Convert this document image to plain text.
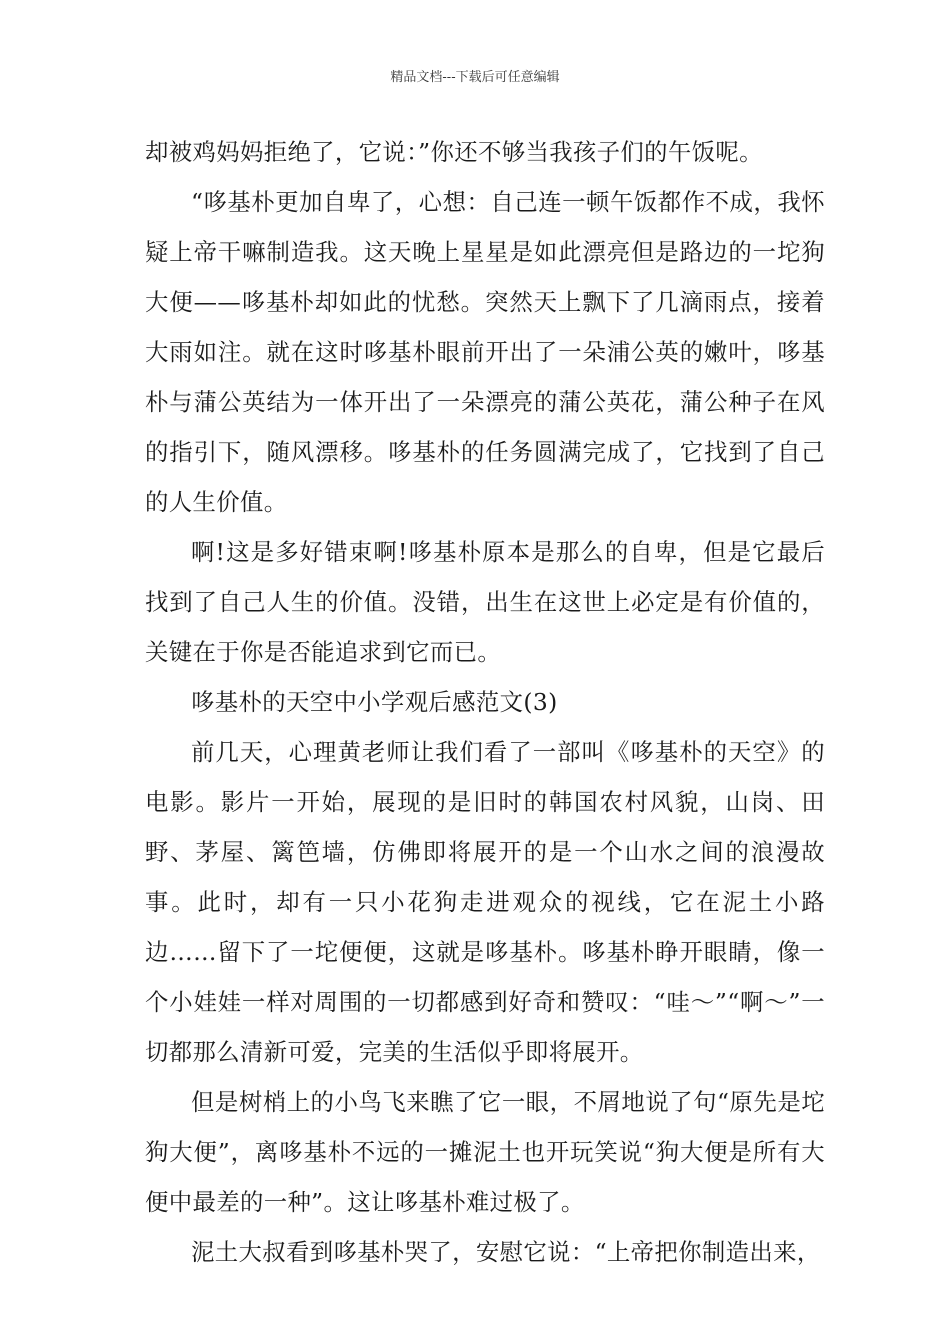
精品文档---下载后可任意编辑

却被鸡妈妈拒绝了，它说：”你还不够当我孩子们的午饭呢。

“哆基朴更加自卑了，心想：自己连一顿午饭都作不成，我怀疑上帝干嘛制造我。这天晚上星星是如此漂亮但是路边的一坨狗大便——哆基朴却如此的忧愁。突然天上飘下了几滴雨点，接着大雨如注。就在这时哆基朴眼前开出了一朵浦公英的嫩叶，哆基朴与蒲公英结为一体开出了一朵漂亮的蒲公英花，蒲公种子在风的指引下，随风漂移。哆基朴的任务圆满完成了，它找到了自己的人生价值。

啊!这是多好错束啊!哆基朴原本是那么的自卑，但是它最后找到了自己人生的价值。没错，出生在这世上必定是有价值的，关键在于你是否能追求到它而已。

哆基朴的天空中小学观后感范文(3)

前几天，心理黄老师让我们看了一部叫《哆基朴的天空》的电影。影片一开始，展现的是旧时的韩国农村风貌，山岗、田野、茅屋、篱笆墙，仿佛即将展开的是一个山水之间的浪漫故事。此时，却有一只小花狗走进观众的视线，它在泥土小路边……留下了一坨便便，这就是哆基朴。哆基朴睁开眼睛，像一个小娃娃一样对周围的一切都感到好奇和赞叹：“哇～”“啊～”一切都那么清新可爱，完美的生活似乎即将展开。

但是树梢上的小鸟飞来瞧了它一眼，不屑地说了句“原先是坨狗大便”，离哆基朴不远的一摊泥土也开玩笑说“狗大便是所有大便中最差的一种”。这让哆基朴难过极了。

泥土大叔看到哆基朴哭了，安慰它说：“上帝把你制造出来，
